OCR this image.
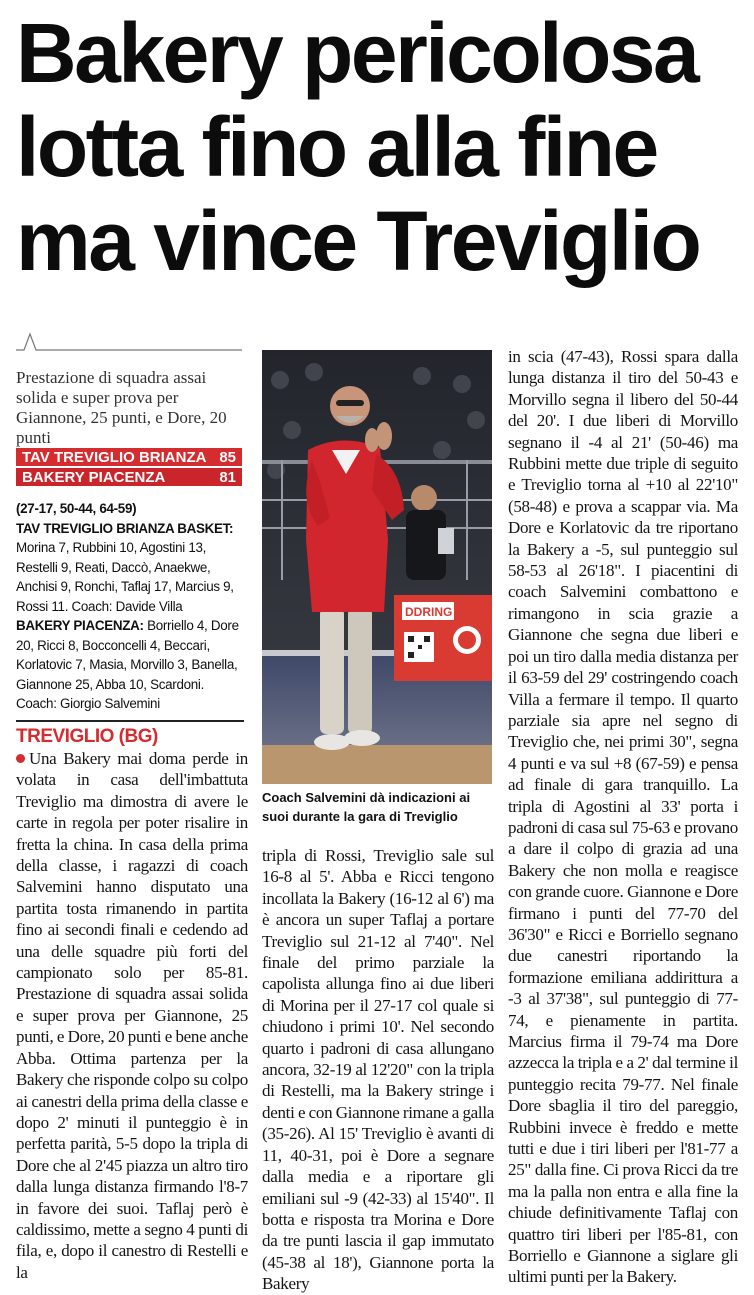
Bakery pericolosa
lotta fino alla fine
ma vince Treviglio
Prestazione di squadra assai solida e super prova per Giannone, 25 punti, e Dore, 20 punti
TAV TREVIGLIO BRIANZA 85
BAKERY PIACENZA	81

(27-17, 50-44, 64-59)

TAV TREVIGLIO BRIANZA BASKET:

Morina 7, Rubbini 10, Agostini 13, Restelli 9, Reati, Daccò, Anaekwe, Anchisi 9, Ronchi, Taflaj 17, Marcius 9, Rossi 11. Coach: Davide Villa

BAKERY PIACENZA: Borriello 4, Dore 20, Ricci 8, Bocconcelli 4, Beccari, Korlatovic 7, Masia, Morvillo 3, Banella, Giannone 25, Abba 10, Scardoni. Coach: Giorgio Salvemini

TREVIGLIO (BG)

Una Bakery mai doma perde in volata in casa dell'imbattuta Treviglio ma dimostra di avere le carte in regola per poter risalire in fretta la china. In casa della prima della classe, i ragazzi di coach Salvemini hanno disputato una partita tosta rimanendo in partita fino ai secondi finali e cedendo ad una delle squadre più forti del campionato solo per 85-81. Prestazione di squadra assai solida e super prova per Giannone, 25 punti, e Dore, 20 punti e bene anche Abba. Ottima partenza per la Bakery che risponde colpo su colpo ai canestri della prima della classe e dopo 2' minuti il punteggio è in perfetta parità, 5-5 dopo la tripla di Dore che al 2'45 piazza un altro tiro dalla lunga distanza firmando l'8-7 in favore dei suoi. Taflaj però è caldissimo, mette a segno 4 punti di fila, e, dopo il canestro di Restelli e la

DDRING
Coach Salvemini dà indicazioni ai suoi durante la gara di Treviglio

tripla di Rossi, Treviglio sale sul 16-8 al 5'. Abba e Ricci tengono incollata la Bakery (16-12 al 6') ma è ancora un super Taflaj a portare Treviglio sul 21-12 al 7'40". Nel finale del primo parziale la capolista allunga fino ai due liberi di Morina per il 27-17 col quale si chiudono i primi 10'. Nel secondo quarto i padroni di casa allungano ancora, 32-19 al 12'20" con la tripla di Restelli, ma la Bakery stringe i denti e con Giannone rimane a galla (35-26). Al 15' Treviglio è avanti di 11, 40-31, poi è Dore a segnare dalla media e a riportare gli emiliani sul -9 (42-33) al 15'40". Il botta e risposta tra Morina e Dore da tre punti lascia il gap immutato (45-38 al 18'), Giannone porta la Bakery

in scia (47-43), Rossi spara dalla lunga distanza il tiro del 50-43 e Morvillo segna il libero del 50-44 del 20'. I due liberi di Morvillo segnano il -4 al 21' (50-46) ma Rubbini mette due triple di seguito e Treviglio torna al +10 al 22'10" (58-48) e prova a scappar via. Ma Dore e Korlatovic da tre riportano la Bakery a -5, sul punteggio sul 58-53 al 26'18". I piacentini di coach Salvemini combattono e rimangono in scia grazie a Giannone che segna due liberi e poi un tiro dalla media distanza per il 63-59 del 29' costringendo coach Villa a fermare il tempo. Il quarto parziale sia apre nel segno di Treviglio che, nei primi 30", segna 4 punti e va sul +8 (67-59) e pensa ad finale di gara tranquillo. La tripla di Agostini al 33' porta i padroni di casa sul 75-63 e provano a dare il colpo di grazia ad una Bakery che non molla e reagisce con grande cuore. Giannone e Dore firmano i punti del 77-70 del 36'30" e Ricci e Borriello segnano due canestri riportando la formazione emiliana addirittura a -3 al 37'38", sul punteggio di 77-74, e pienamente in partita. Marcius firma il 79-74 ma Dore azzecca la tripla e a 2' dal termine il punteggio recita 79-77. Nel finale Dore sbaglia il tiro del pareggio, Rubbini invece è freddo e mette tutti e due i tiri liberi per l'81-77 a 25" dalla fine. Ci prova Ricci da tre ma la palla non entra e alla fine la chiude definitivamente Taflaj con quattro tiri liberi per l'85-81, con Borriello e Giannone a siglare gli ultimi punti per la Bakery.
